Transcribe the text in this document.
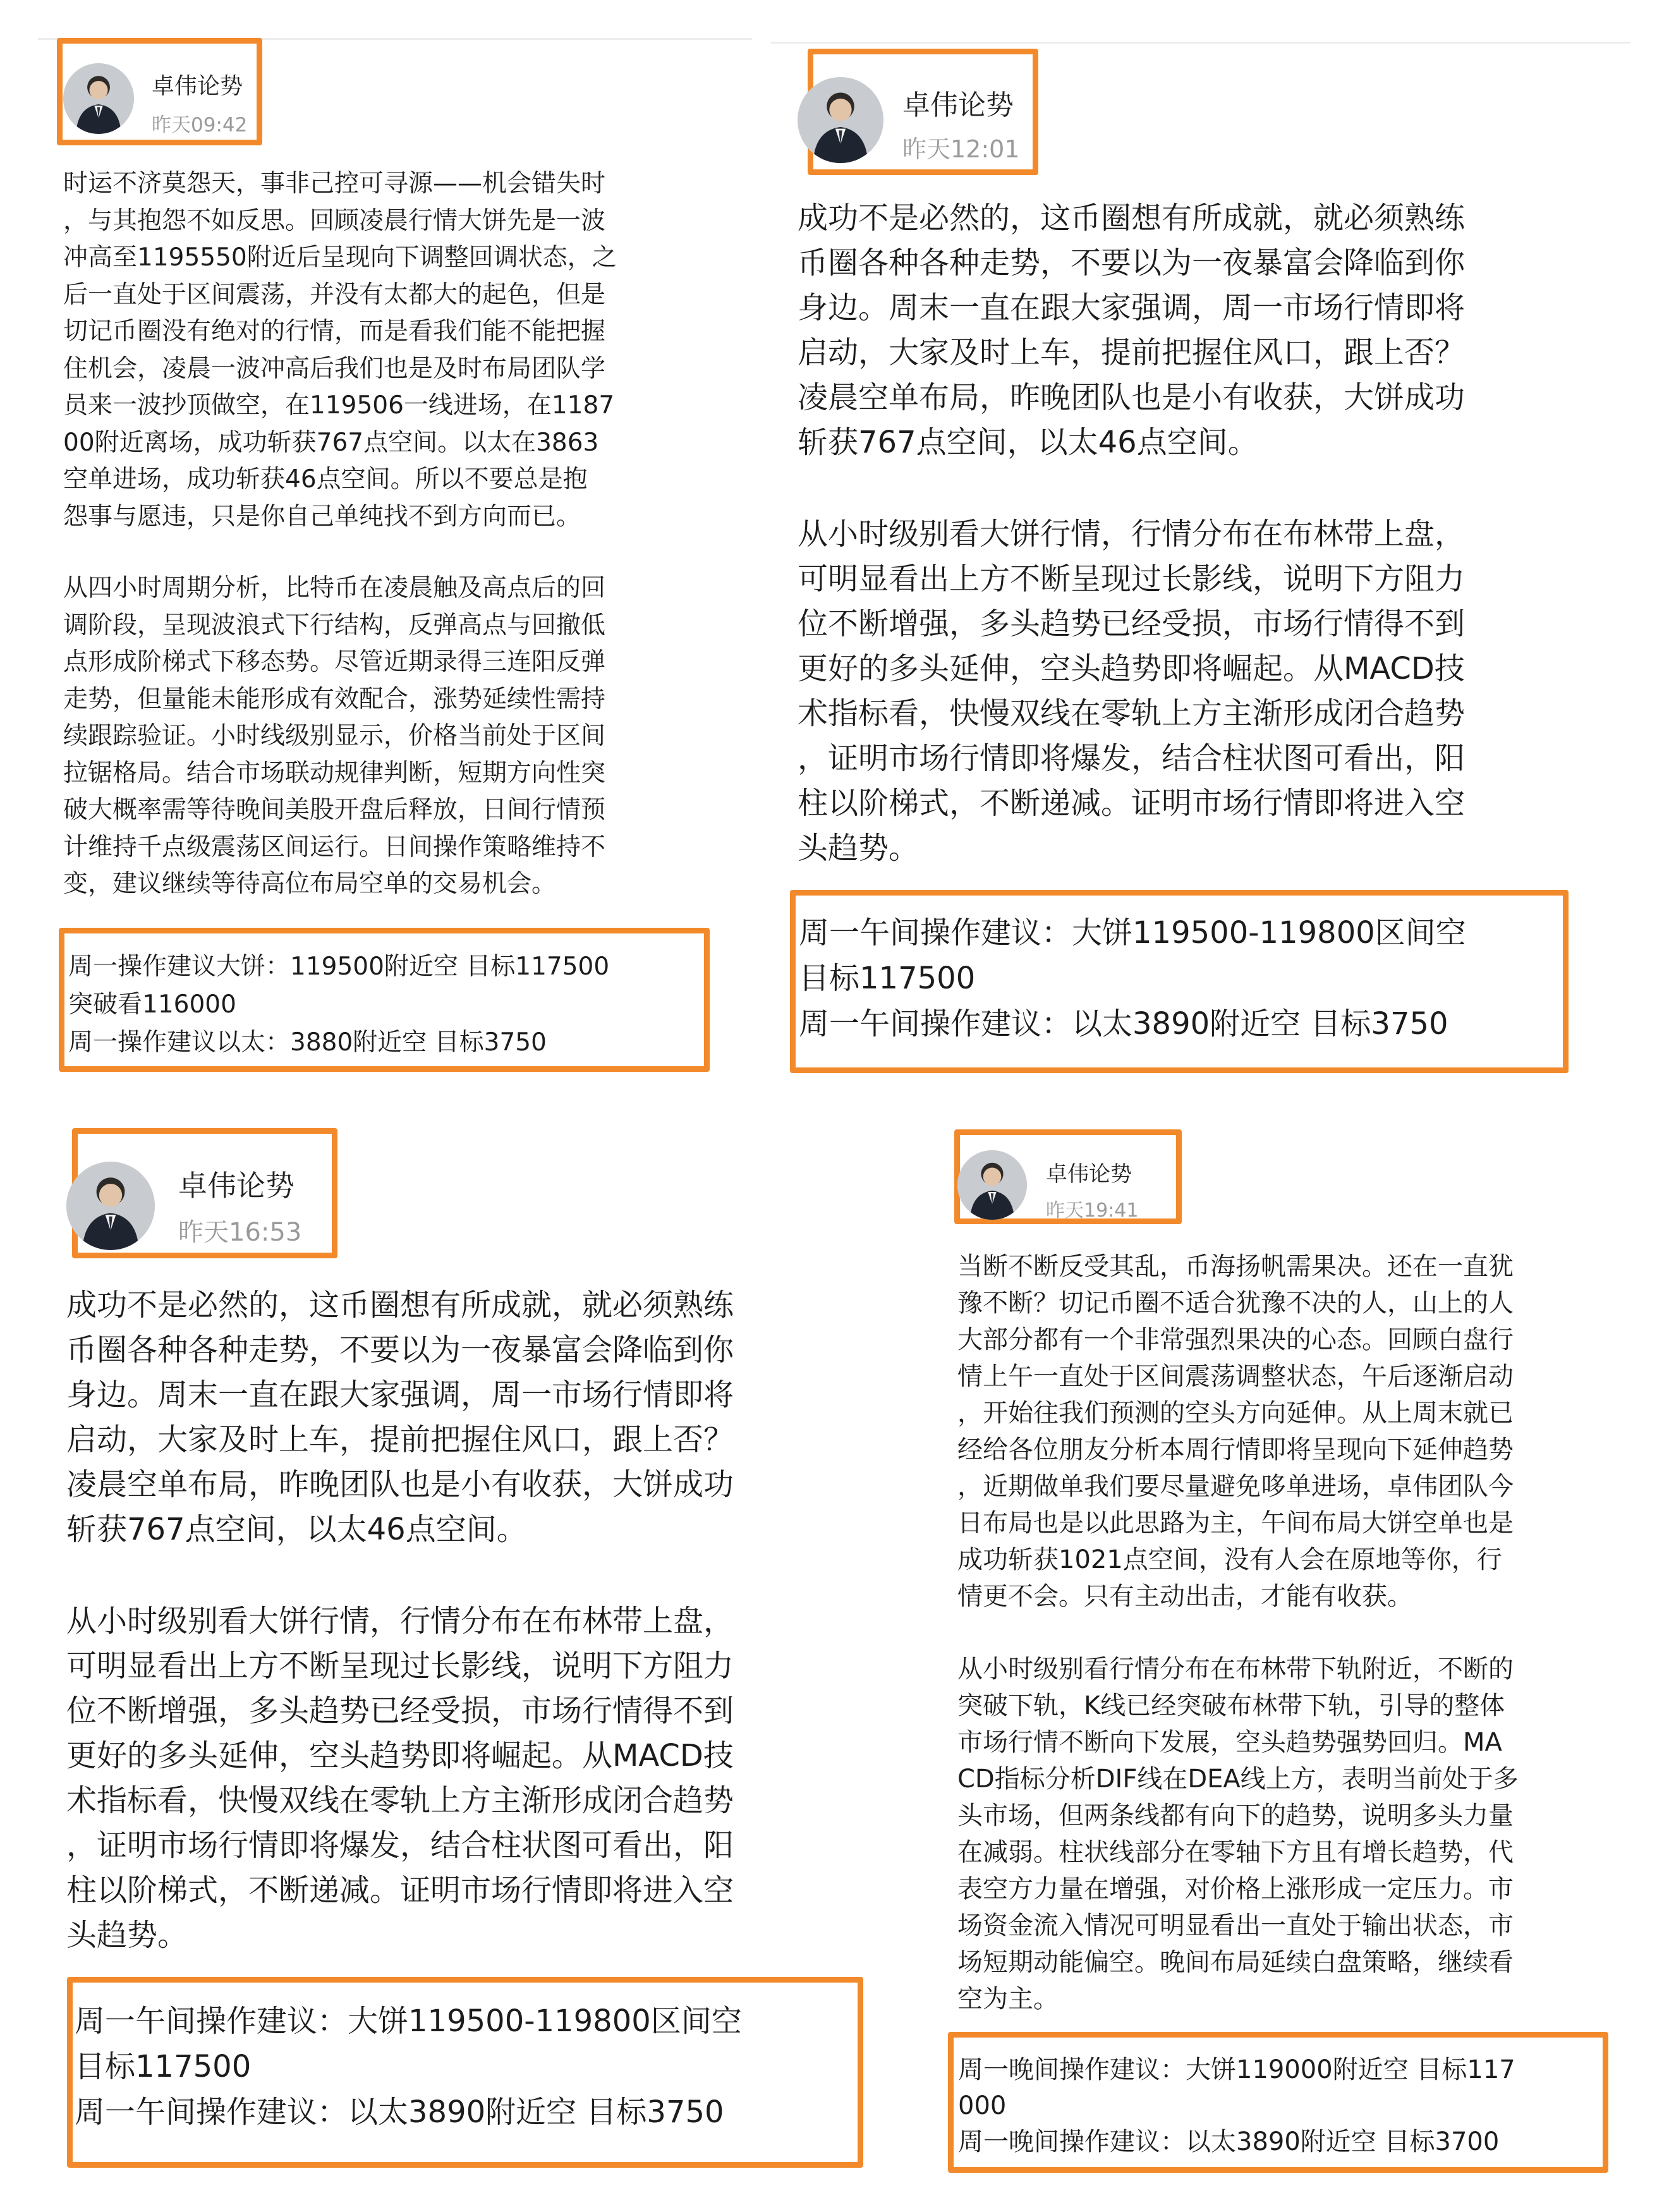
卓伟论势
昨天09:42
时运不济莫怨天，事非己控可寻源——机会错失时
，与其抱怨不如反思。回顾凌晨行情大饼先是一波
冲高至1195550附近后呈现向下调整回调状态，之
后一直处于区间震荡，并没有太都大的起色，但是
切记币圈没有绝对的行情，而是看我们能不能把握
住机会，凌晨一波冲高后我们也是及时布局团队学
员来一波抄顶做空，在119506一线进场，在1187
00附近离场，成功斩获767点空间。以太在3863
空单进场，成功斩获46点空间。所以不要总是抱
怨事与愿违，只是你自己单纯找不到方向而已。
从四小时周期分析，比特币在凌晨触及高点后的回
调阶段，呈现波浪式下行结构，反弹高点与回撤低
点形成阶梯式下移态势。尽管近期录得三连阳反弹
走势，但量能未能形成有效配合，涨势延续性需持
续跟踪验证。小时线级别显示，价格当前处于区间
拉锯格局。结合市场联动规律判断，短期方向性突
破大概率需等待晚间美股开盘后释放，日间行情预
计维持千点级震荡区间运行。日间操作策略维持不
变，建议继续等待高位布局空单的交易机会。
周一操作建议大饼：119500附近空 目标117500
突破看116000
周一操作建议以太：3880附近空 目标3750
卓伟论势
昨天12:01
成功不是必然的，这币圈想有所成就，就必须熟练
币圈各种各种走势，不要以为一夜暴富会降临到你
身边。周末一直在跟大家强调，周一市场行情即将
启动，大家及时上车，提前把握住风口，跟上否？
凌晨空单布局，昨晚团队也是小有收获，大饼成功
斩获767点空间，以太46点空间。
从小时级别看大饼行情，行情分布在布林带上盘，
可明显看出上方不断呈现过长影线，说明下方阻力
位不断增强，多头趋势已经受损，市场行情得不到
更好的多头延伸，空头趋势即将崛起。从MACD技
术指标看，快慢双线在零轨上方主渐形成闭合趋势
，证明市场行情即将爆发，结合柱状图可看出，阳
柱以阶梯式，不断递减。证明市场行情即将进入空
头趋势。
周一午间操作建议：大饼119500-119800区间空
目标117500
周一午间操作建议：以太3890附近空 目标3750
卓伟论势
昨天16:53
成功不是必然的，这币圈想有所成就，就必须熟练
币圈各种各种走势，不要以为一夜暴富会降临到你
身边。周末一直在跟大家强调，周一市场行情即将
启动，大家及时上车，提前把握住风口，跟上否？
凌晨空单布局，昨晚团队也是小有收获，大饼成功
斩获767点空间，以太46点空间。
从小时级别看大饼行情，行情分布在布林带上盘，
可明显看出上方不断呈现过长影线，说明下方阻力
位不断增强，多头趋势已经受损，市场行情得不到
更好的多头延伸，空头趋势即将崛起。从MACD技
术指标看，快慢双线在零轨上方主渐形成闭合趋势
，证明市场行情即将爆发，结合柱状图可看出，阳
柱以阶梯式，不断递减。证明市场行情即将进入空
头趋势。
周一午间操作建议：大饼119500-119800区间空
目标117500
周一午间操作建议：以太3890附近空 目标3750
卓伟论势
昨天19:41
当断不断反受其乱，币海扬帆需果决。还在一直犹
豫不断？切记币圈不适合犹豫不决的人，山上的人
大部分都有一个非常强烈果决的心态。回顾白盘行
情上午一直处于区间震荡调整状态，午后逐渐启动
，开始往我们预测的空头方向延伸。从上周末就已
经给各位朋友分析本周行情即将呈现向下延伸趋势
，近期做单我们要尽量避免哆单进场，卓伟团队今
日布局也是以此思路为主，午间布局大饼空单也是
成功斩获1021点空间，没有人会在原地等你，行
情更不会。只有主动出击，才能有收获。
从小时级别看行情分布在布林带下轨附近，不断的
突破下轨，K线已经突破布林带下轨，引导的整体
市场行情不断向下发展，空头趋势强势回归。MA
CD指标分析DIF线在DEA线上方，表明当前处于多
头市场，但两条线都有向下的趋势，说明多头力量
在减弱。柱状线部分在零轴下方且有增长趋势，代
表空方力量在增强，对价格上涨形成一定压力。市
场资金流入情况可明显看出一直处于输出状态，市
场短期动能偏空。晚间布局延续白盘策略，继续看
空为主。
周一晚间操作建议：大饼119000附近空 目标117
000
周一晚间操作建议：以太3890附近空 目标3700
